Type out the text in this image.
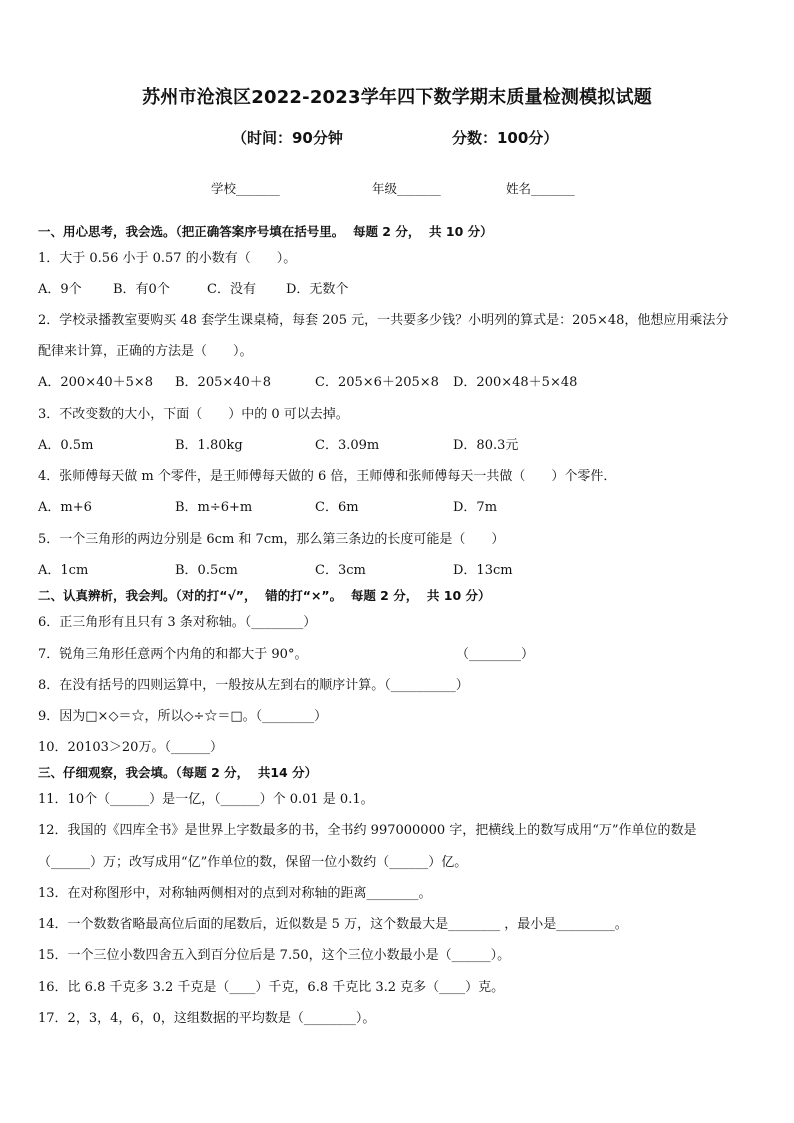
苏州市沧浪区2022-2023学年四下数学期末质量检测模拟试题
（时间：90分钟	分数：100分）
学校_______	年级_______	姓名_______
一、用心思考，我会选。（把正确答案序号填在括号里。  每题 2 分，  共 10 分）
1．大于 0.56 小于 0.57 的小数有（　　）。
A．9个 B．有0个	C．没有 D．无数个
2．学校录播教室要购买 48 套学生课桌椅，每套 205 元，一共要多少钱？小明列的算式是：205×48，他想应用乘法分
配律来计算，正确的方法是（　　）。
A．200×40＋5×8 B．205×40＋8	C．205×6＋205×8 D．200×48＋5×48
3．不改变数的大小，下面（　　）中的 0 可以去掉。
A．0.5m	B．1.80kg	C．3.09m	D．80.3元
4．张师傅每天做 m 个零件，是王师傅每天做的 6 倍，王师傅和张师傅每天一共做（　　）个零件．
A．m+6	B．m÷6+m	C．6m	D．7m
5．一个三角形的两边分别是 6cm 和 7cm，那么第三条边的长度可能是（　　）
A．1cm	B．0.5cm	C．3cm	D．13cm
二、认真辨析，我会判。（对的打“√”，  错的打“×”。  每题 2 分，  共 10 分）
6．正三角形有且只有 3 条对称轴。（________）
7．锐角三角形任意两个内角的和都大于 90°。	（________）
8．在没有括号的四则运算中，一般按从左到右的顺序计算。（__________）
9．因为□×◇＝☆，所以◇÷☆＝□。（________）
10．20103＞20万。（______）
三、仔细观察，我会填。（每题 2 分，  共14 分）
11．10个（______）是一亿，（______）个 0.01 是 0.1。
12．我国的《四库全书》是世界上字数最多的书，全书约 997000000 字，把横线上的数写成用“万”作单位的数是
（______）万；改写成用“亿”作单位的数，保留一位小数约（______）亿。
13．在对称图形中，对称轴两侧相对的点到对称轴的距离________。
14．一个数数省略最高位后面的尾数后，近似数是 5 万，这个数最大是________ ，最小是_________。
15．一个三位小数四舍五入到百分位后是 7.50，这个三位小数最小是（______）。
16．比 6.8 千克多 3.2 千克是（____）千克，6.8 千克比 3.2 克多（____）克。
17．2，3，4，6，0，这组数据的平均数是（________）。
